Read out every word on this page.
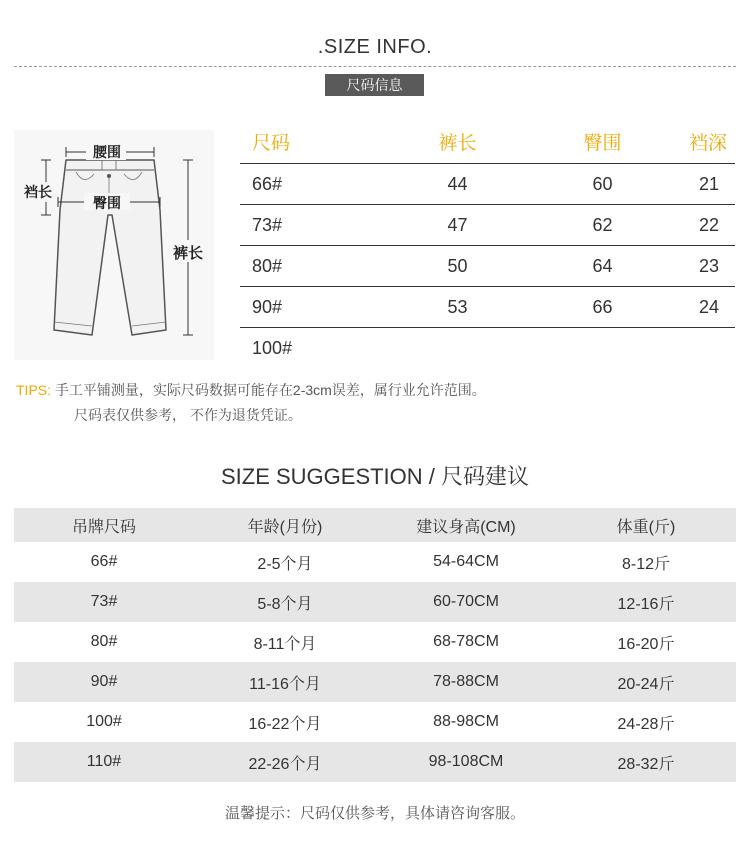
.SIZE INFO.
尺码信息
腰围
臀围
裆长
裤长
尺码	裤长	臀围	裆深
66#	44	60	21
73#	47	62	22
80#	50	64	23
90#	53	66	24
100#
TIPS: 手工平铺测量，实际尺码数据可能存在2-3cm误差，属行业允许范围。
尺码表仅供参考， 不作为退货凭证。
SIZE SUGGESTION / 尺码建议
吊牌尺码	年龄(月份)	建议身高(CM)	体重(斤)
66#	2-5个月	54-64CM	8-12斤
73#	5-8个月	60-70CM	12-16斤
80#	8-11个月	68-78CM	16-20斤
90#	11-16个月	78-88CM	20-24斤
100#	16-22个月	88-98CM	24-28斤
110#	22-26个月	98-108CM	28-32斤
温馨提示：尺码仅供参考，具体请咨询客服。
